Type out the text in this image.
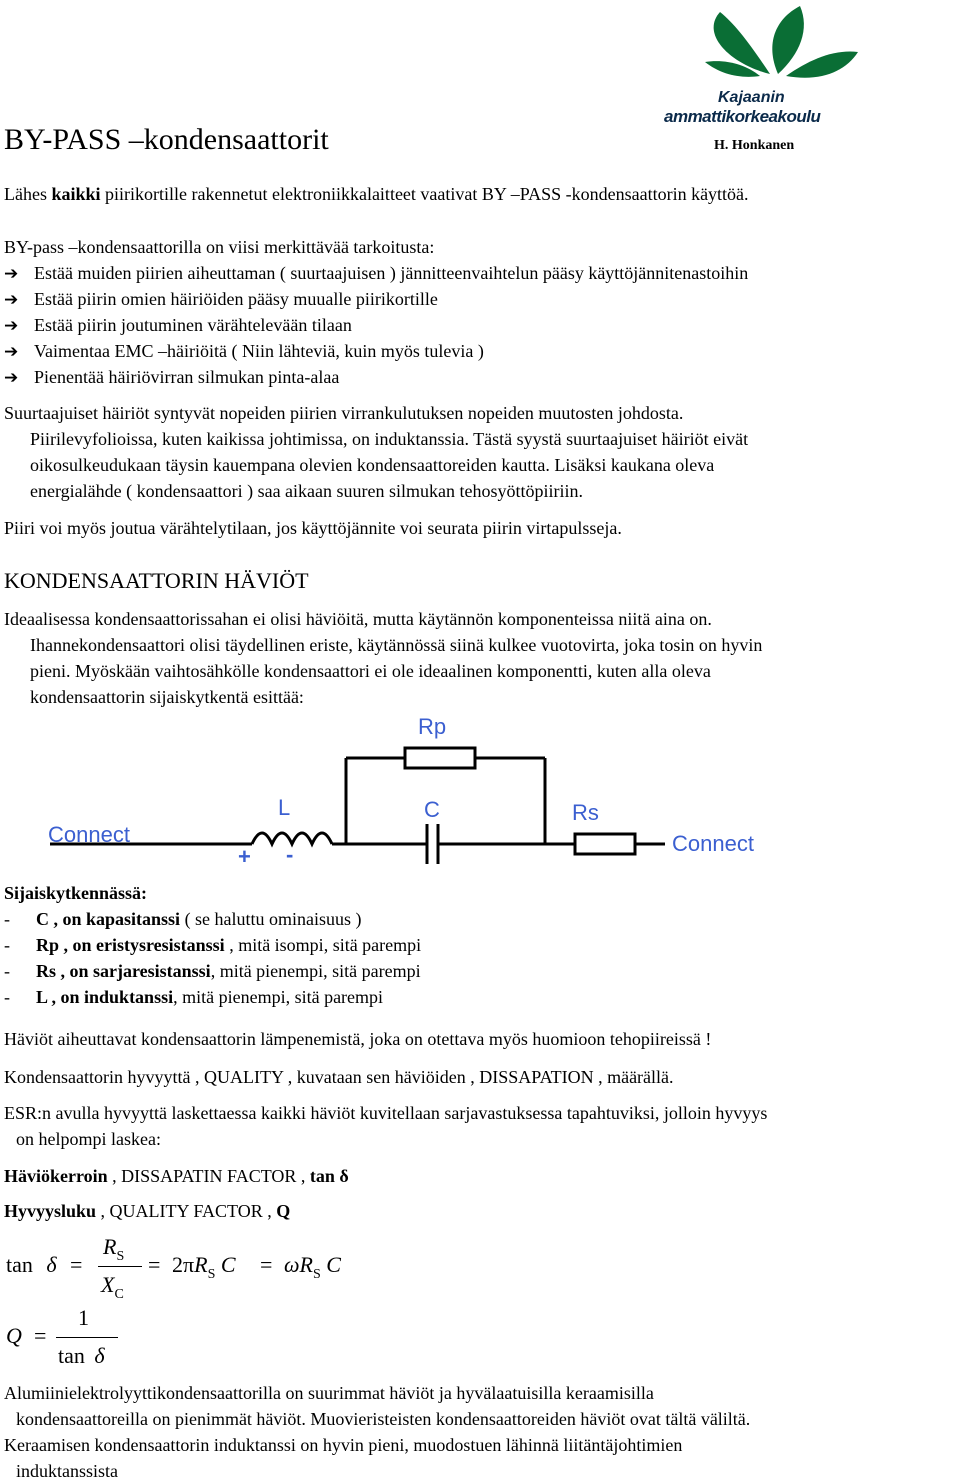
BY-PASS –kondensaattorit
Kajaanin
ammattikorkeakoulu
H. Honkanen
Lähes kaikki piirikortille rakennetut elektroniikkalaitteet vaativat BY –PASS -kondensaattorin käyttöä.
BY-pass –kondensaattorilla on viisi merkittävää tarkoitusta:
➔ Estää muiden piirien aiheuttaman ( suurtaajuisen ) jännitteenvaihtelun pääsy käyttöjännitenastoihin
➔ Estää piirin omien häiriöiden pääsy muualle piirikortille
➔ Estää piirin joutuminen värähtelevään tilaan
➔ Vaimentaa EMC –häiriöitä ( Niin lähteviä, kuin myös tulevia )
➔ Pienentää häiriövirran silmukan pinta-alaa
Suurtaajuiset häiriöt syntyvät nopeiden piirien virrankulutuksen nopeiden muutosten johdosta.
Piirilevyfolioissa, kuten kaikissa johtimissa, on induktanssia. Tästä syystä suurtaajuiset häiriöt eivät
oikosulkeudukaan täysin kauempana olevien kondensaattoreiden kautta. Lisäksi kaukana oleva
energialähde ( kondensaattori ) saa aikaan suuren silmukan tehosyöttöpiiriin.
Piiri voi myös joutua värähtelytilaan, jos käyttöjännite voi seurata piirin virtapulsseja.
KONDENSAATTORIN HÄVIÖT
Ideaalisessa kondensaattorissahan ei olisi häviöitä, mutta käytännön komponenteissa niitä aina on.
Ihannekondensaattori olisi täydellinen eriste, käytännössä siinä kulkee vuotovirta, joka tosin on hyvin
pieni. Myöskään vaihtosähkölle kondensaattori ei ole ideaalinen komponentti, kuten alla oleva
kondensaattorin sijaiskytkentä esittää:
Rp
L	C	Rs
Connect	Connect
+ -
Sijaiskytkennässä:
- C , on kapasitanssi ( se haluttu ominaisuus )
- Rp , on eristysresistanssi , mitä isompi, sitä parempi
- Rs , on sarjaresistanssi, mitä pienempi, sitä parempi
- L , on induktanssi, mitä pienempi, sitä parempi
Häviöt aiheuttavat kondensaattorin lämpenemistä, joka on otettava myös huomioon tehopiireissä !
Kondensaattorin hyvyyttä , QUALITY , kuvataan sen häviöiden , DISSAPATION , määrällä.
ESR:n avulla hyvyyttä laskettaessa kaikki häviöt kuvitellaan sarjavastuksessa tapahtuviksi, jolloin hyvyys
on helpompi laskea:
Häviökerroin , DISSAPATIN FACTOR , tan δ
Hyvyysluku , QUALITY FACTOR , Q
tan δ =
$R_S$
$X_C$
= $2\pi R_S$ $C = \omega R_S$ C
Q =
1
tan δ
Alumiinielektrolyyttikondensaattorilla on suurimmat häviöt ja hyvälaatuisilla keraamisilla
kondensaattoreilla on pienimmät häviöt. Muovieristeisten kondensaattoreiden häviöt ovat tältä väliltä.
Keraamisen kondensaattorin induktanssi on hyvin pieni, muodostuen lähinnä liitäntäjohtimien
induktanssista
